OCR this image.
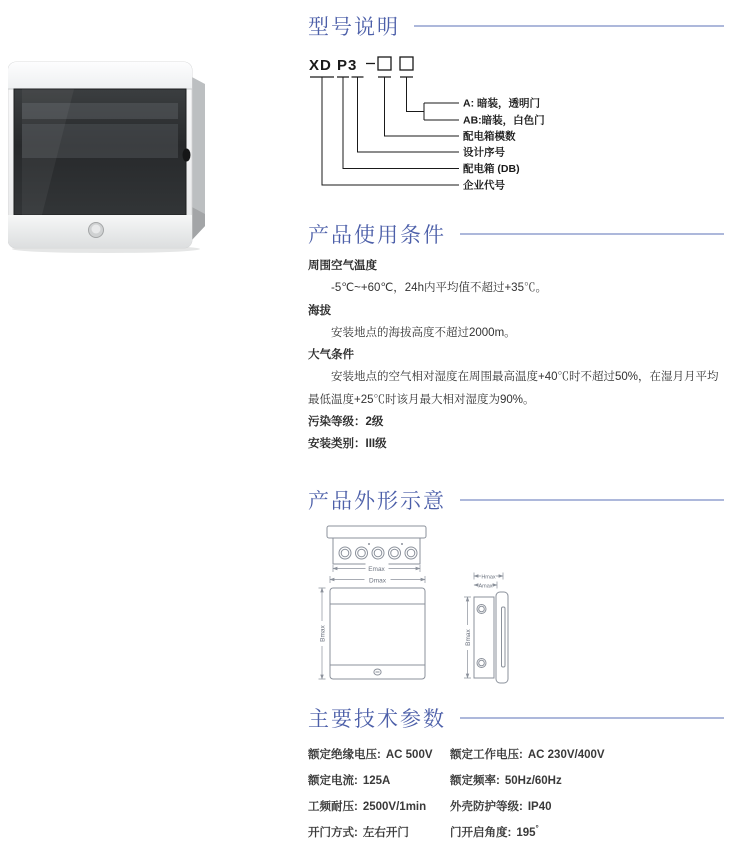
型号说明
XD P3
A: 暗装，透明门
AB:暗装，白色门
配电箱模数
设计序号
配电箱 (DB)
企业代号
产品使用条件

周围空气温度

-5℃~+60℃，24h内平均值不超过+35℃。

海拔

安装地点的海拔高度不超过2000m。

大气条件

安装地点的空气相对湿度在周围最高温度+40℃时不超过50%，在湿月月平均最低温度+25℃时该月最大相对湿度为90%。

污染等级：2级

安装类别：III级

产品外形示意
Emax
Dmax
Bmax
Hmax
Amax
Bmax
主要技术参数
额定绝缘电压: AC 500V	额定工作电压: AC 230V/400V
额定电流: 125A	额定频率: 50Hz/60Hz
工频耐压: 2500V/1min	外壳防护等级: IP40
开门方式: 左右开门	门开启角度: 195°
